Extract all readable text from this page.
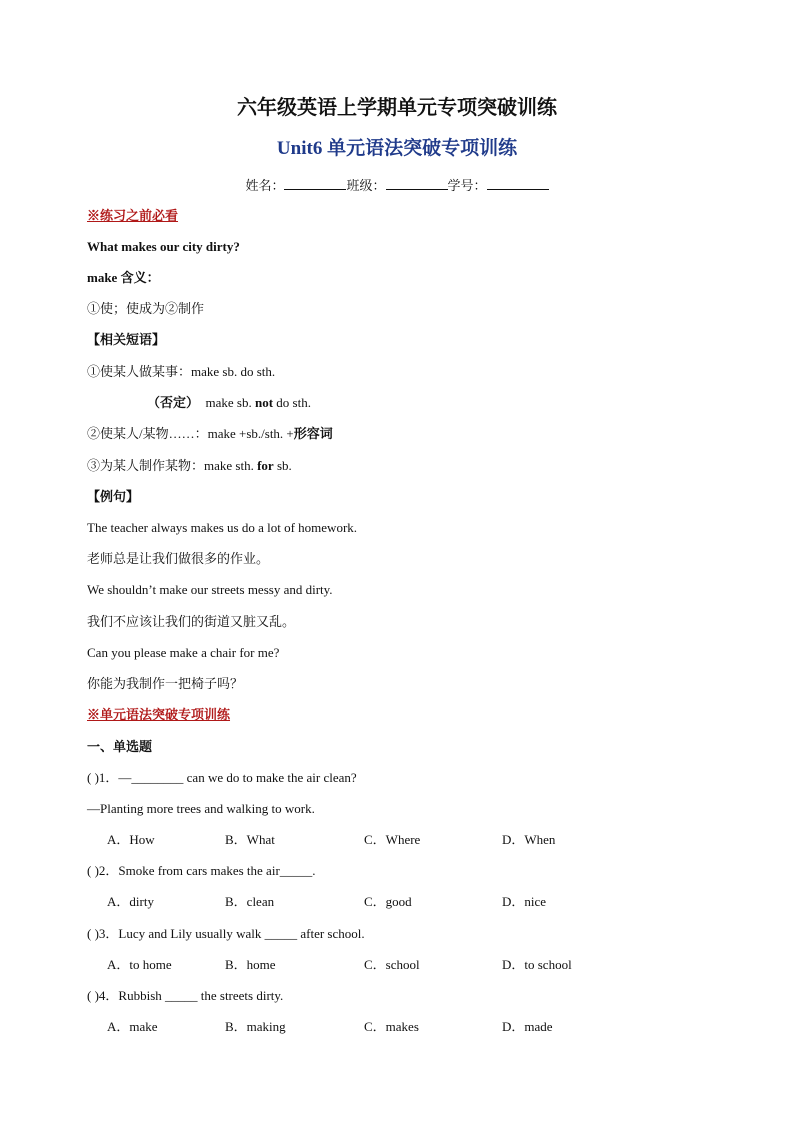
六年级英语上学期单元专项突破训练
Unit6 单元语法突破专项训练
姓名：	班级：	学号：
※练习之前必看
What makes our city dirty?
make 含义：
①使；使成为②制作
【相关短语】
①使某人做某事：make sb. do sth.
（否定） make sb. not do sth.
②使某人/某物……：make +sb./sth. +形容词
③为某人制作某物：make sth. for sb.
【例句】
The teacher always makes us do a lot of homework.
老师总是让我们做很多的作业。
We shouldn’t make our streets messy and dirty.
我们不应该让我们的街道又脏又乱。
Can you please make a chair for me?
你能为我制作一把椅子吗？
※单元语法突破专项训练
一、单选题
( )1．—________ can we do to make the air clean?
—Planting more trees and walking to work.
A．How	B．What	C．Where	D．When
( )2．Smoke from cars makes the air_____.
A．dirty	B．clean	C．good	D．nice
( )3．Lucy and Lily usually walk _____ after school.
A．to home	B．home	C．school	D．to school
( )4．Rubbish _____ the streets dirty.
A．make	B．making	C．makes	D．made
